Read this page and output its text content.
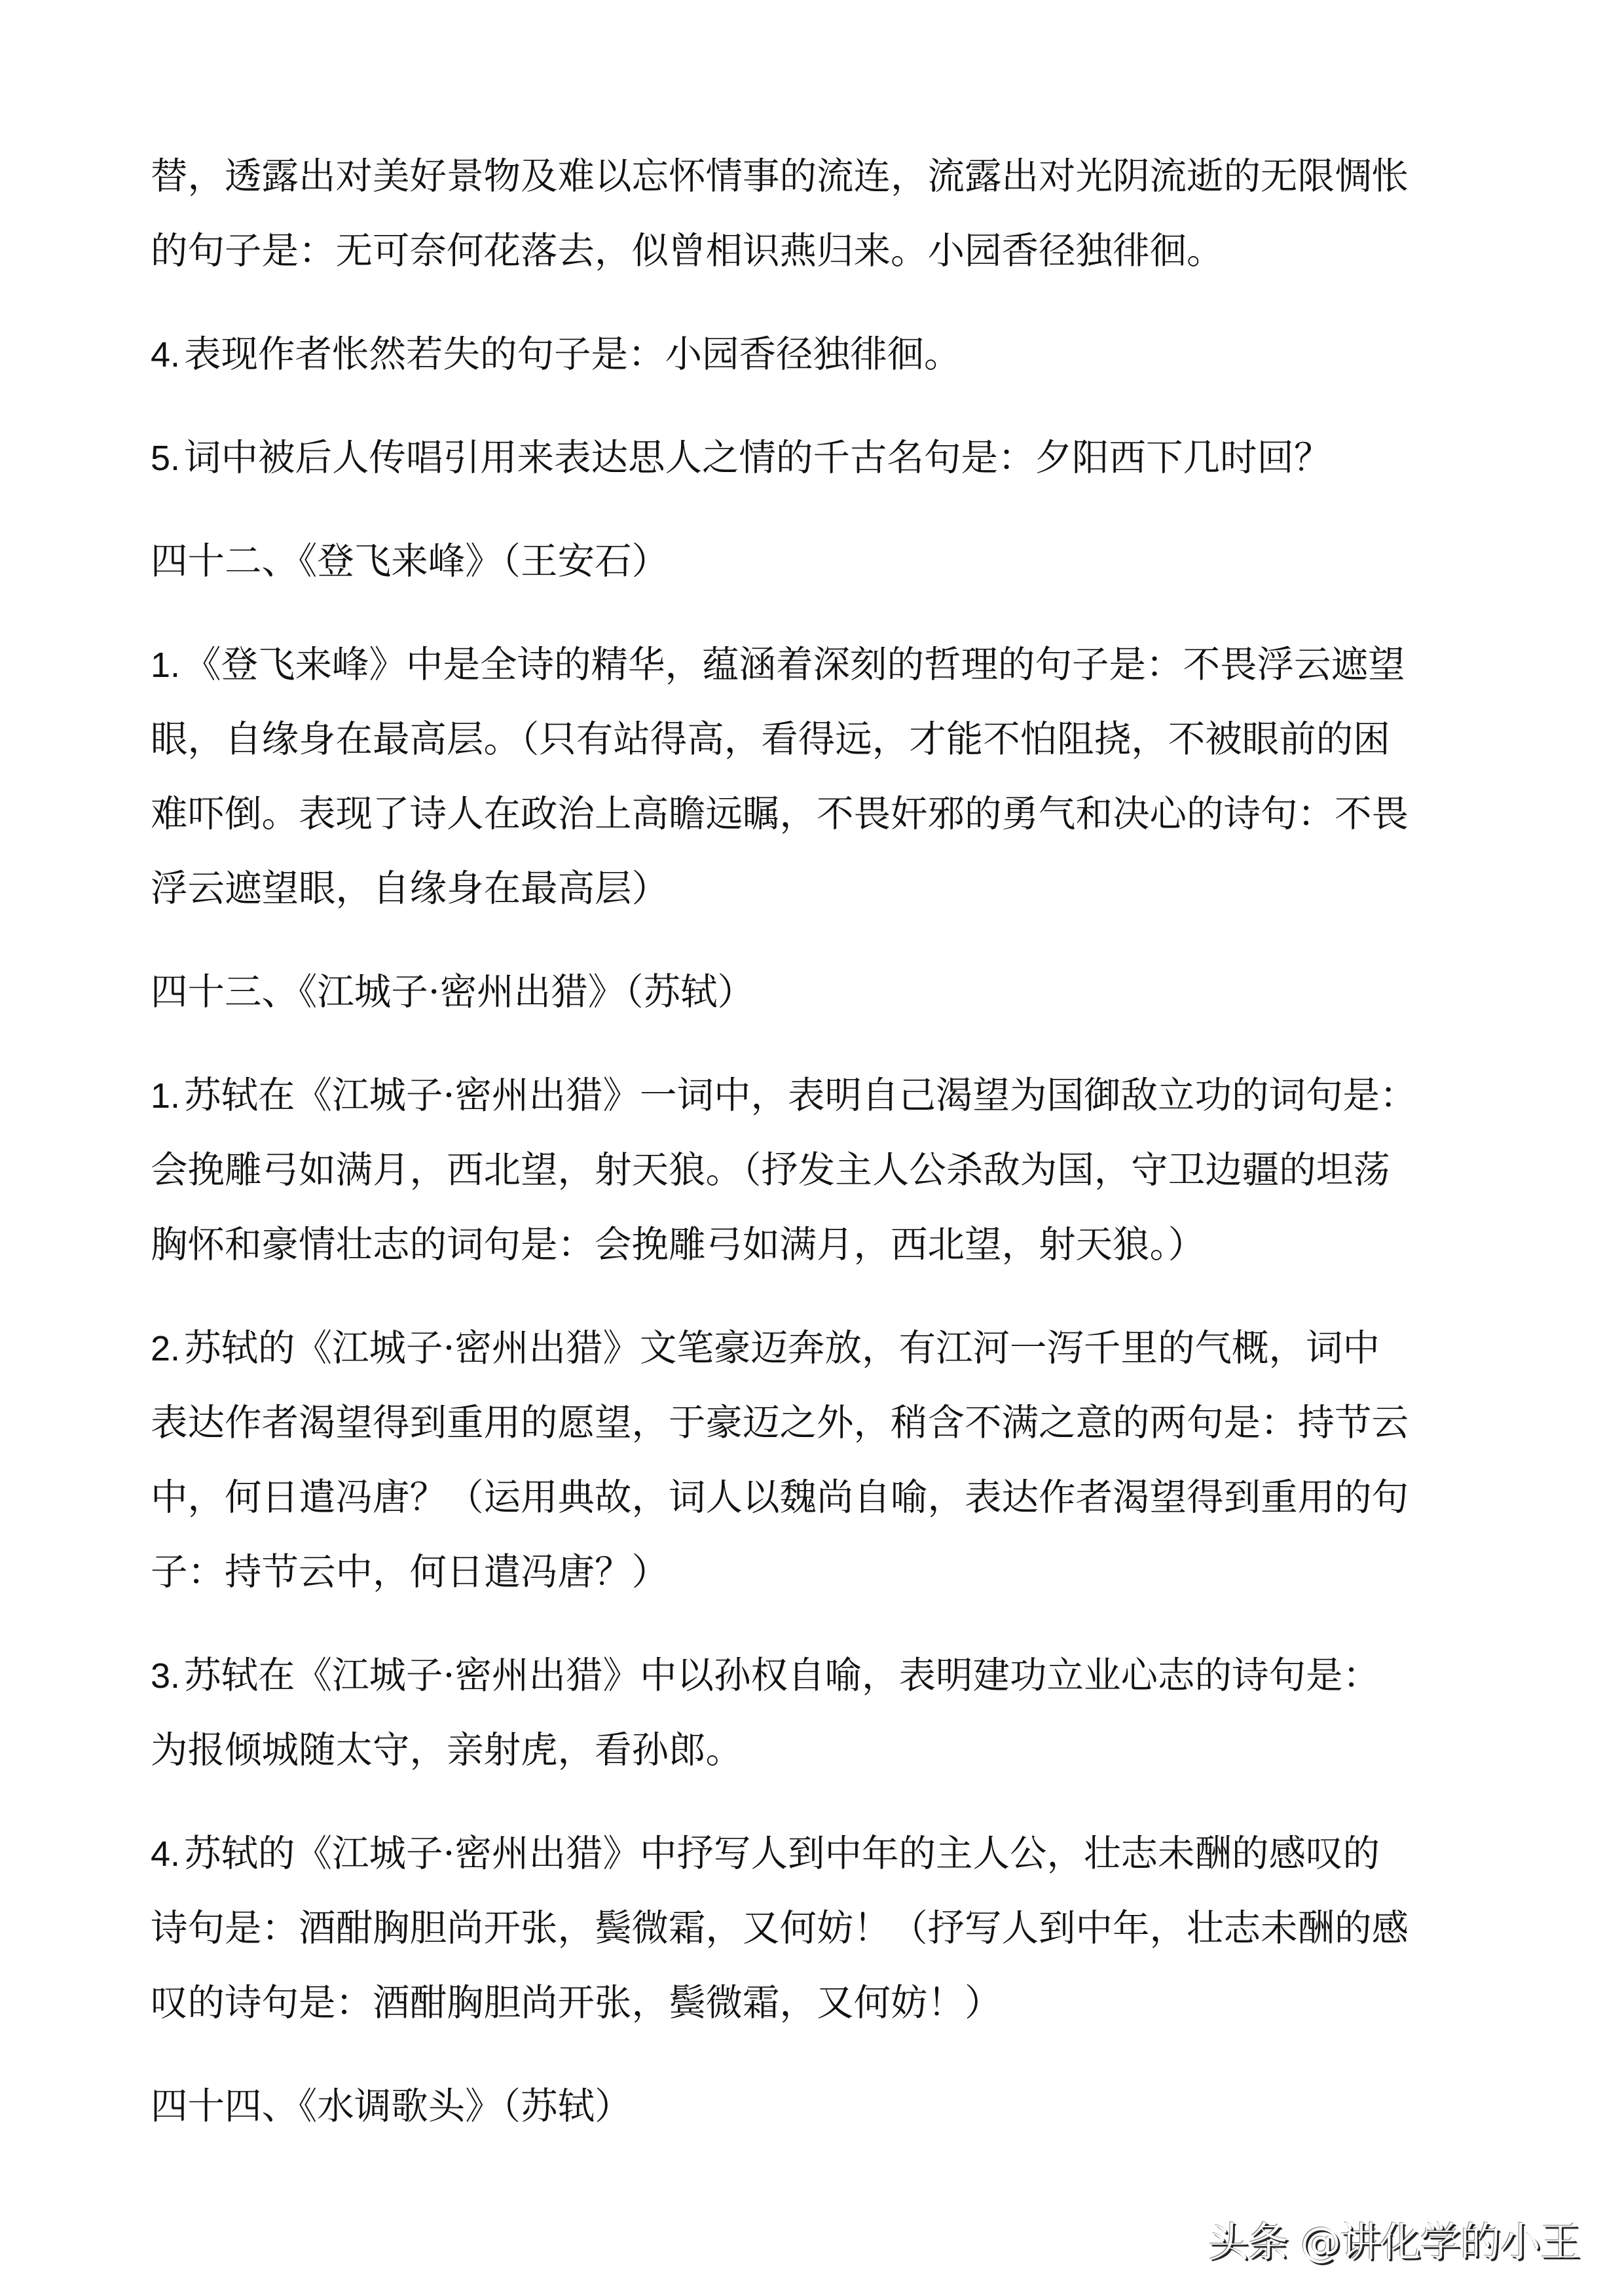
替，透露出对美好景物及难以忘怀情事的流连，流露出对光阴流逝的无限惆怅
的句子是：无可奈何花落去，似曾相识燕归来。小园香径独徘徊。
4. 表现作者怅然若失的句子是：小园香径独徘徊。
5. 词中被后人传唱引用来表达思人之情的千古名句是：夕阳西下几时回？
四十二、《登飞来峰》（王安石）
1. 《登飞来峰》中是全诗的精华，蕴涵着深刻的哲理的句子是：不畏浮云遮望
眼，自缘身在最高层。（只有站得高，看得远，才能不怕阻挠，不被眼前的困
难吓倒。表现了诗人在政治上高瞻远瞩，不畏奸邪的勇气和决心的诗句：不畏
浮云遮望眼，自缘身在最高层）
四十三、《江城子·密州出猎》（苏轼）
1. 苏轼在《江城子·密州出猎》一词中，表明自己渴望为国御敌立功的词句是：
会挽雕弓如满月，西北望，射天狼。（抒发主人公杀敌为国，守卫边疆的坦荡
胸怀和豪情壮志的词句是：会挽雕弓如满月，西北望，射天狼。）
2. 苏轼的《江城子·密州出猎》文笔豪迈奔放，有江河一泻千里的气概，词中
表达作者渴望得到重用的愿望，于豪迈之外，稍含不满之意的两句是：持节云
中，何日遣冯唐？（运用典故，词人以魏尚自喻，表达作者渴望得到重用的句
子：持节云中，何日遣冯唐？）
3. 苏轼在《江城子·密州出猎》中以孙权自喻，表明建功立业心志的诗句是：
为报倾城随太守，亲射虎，看孙郎。
4. 苏轼的《江城子·密州出猎》中抒写人到中年的主人公，壮志未酬的感叹的
诗句是：酒酣胸胆尚开张，鬓微霜，又何妨！（抒写人到中年，壮志未酬的感
叹的诗句是：酒酣胸胆尚开张，鬓微霜，又何妨！）
四十四、《水调歌头》（苏轼）
头条 @讲化学的小王
